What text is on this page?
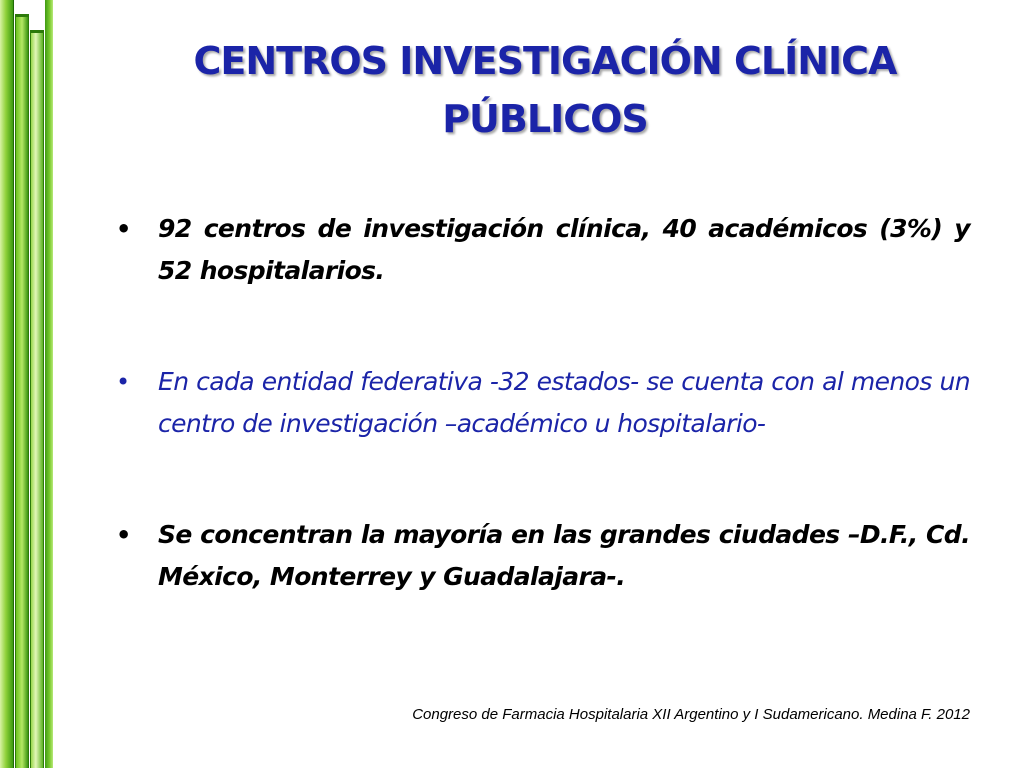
CENTROS INVESTIGACIÓN CLÍNICA
PÚBLICOS
• 92 centros de investigación clínica, 40 académicos (3%) y 52 hospitalarios.
• En cada entidad federativa -32 estados- se cuenta con al menos un centro de investigación –académico u hospitalario-
• Se concentran la mayoría en las grandes ciudades –D.F., Cd. México, Monterrey y Guadalajara-.
Congreso de Farmacia Hospitalaria XII Argentino y I Sudamericano. Medina F. 2012
